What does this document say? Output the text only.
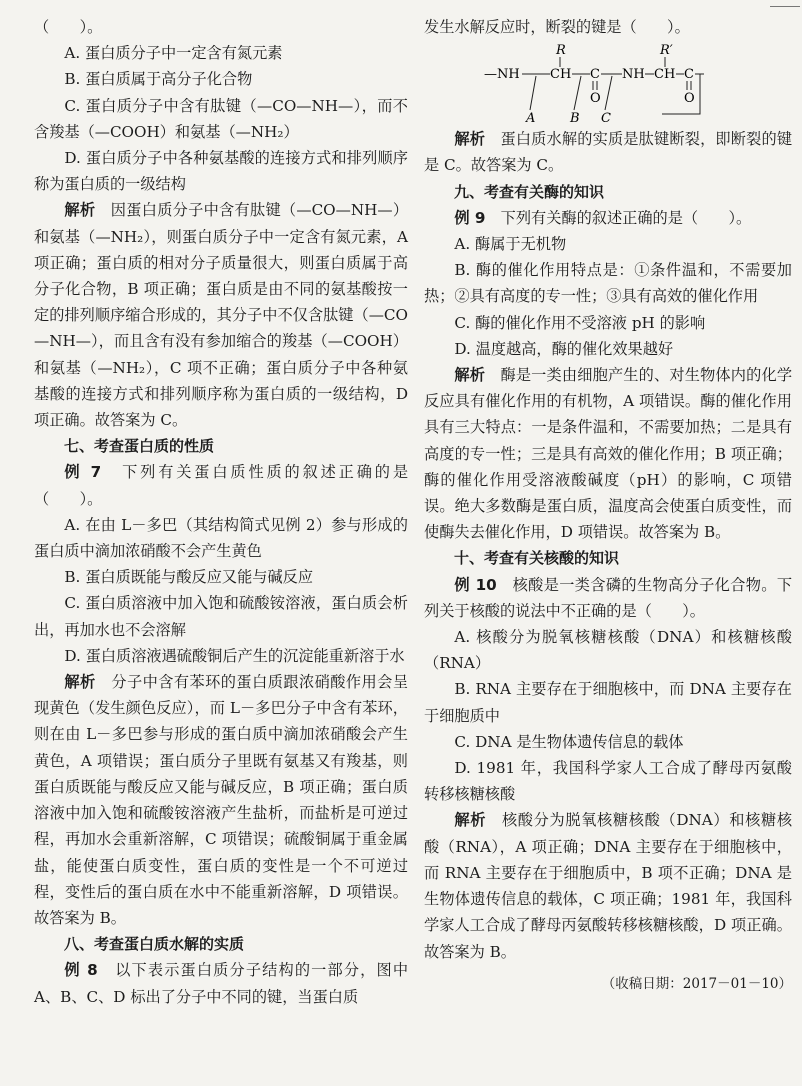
（　　）。

A. 蛋白质分子中一定含有氮元素

B. 蛋白质属于高分子化合物

C. 蛋白质分子中含有肽键（—CO—NH—），而不含羧基（—COOH）和氨基（—NH₂）

D. 蛋白质分子中各种氨基酸的连接方式和排列顺序称为蛋白质的一级结构

解析　 因蛋白质分子中含有肽键（—CO—NH—）和氨基（—NH₂），则蛋白质分子中一定含有氮元素，A 项正确；蛋白质的相对分子质量很大，则蛋白质属于高分子化合物，B 项正确；蛋白质是由不同的氨基酸按一定的排列顺序缩合形成的，其分子中不仅含肽键（—CO—NH—），而且含有没有参加缩合的羧基（—COOH）和氨基（—NH₂），C 项不正确；蛋白质分子中各种氨基酸的连接方式和排列顺序称为蛋白质的一级结构，D 项正确。故答案为 C。

七、考查蛋白质的性质

例 7　 下列有关蛋白质性质的叙述正确的是（　　）。

A. 在由 L－多巴（其结构简式见例 2）参与形成的蛋白质中滴加浓硝酸不会产生黄色

B. 蛋白质既能与酸反应又能与碱反应

C. 蛋白质溶液中加入饱和硫酸铵溶液，蛋白质会析出，再加水也不会溶解

D. 蛋白质溶液遇硫酸铜后产生的沉淀能重新溶于水

解析　 分子中含有苯环的蛋白质跟浓硝酸作用会呈现黄色（发生颜色反应），而 L－多巴分子中含有苯环，则在由 L－多巴参与形成的蛋白质中滴加浓硝酸会产生黄色，A 项错误；蛋白质分子里既有氨基又有羧基，则蛋白质既能与酸反应又能与碱反应，B 项正确；蛋白质溶液中加入饱和硫酸铵溶液产生盐析，而盐析是可逆过程，再加水会重新溶解，C 项错误；硫酸铜属于重金属盐，能使蛋白质变性，蛋白质的变性是一个不可逆过程，变性后的蛋白质在水中不能重新溶解，D 项错误。故答案为 B。

八、考查蛋白质水解的实质

例 8　 以下表示蛋白质分子结构的一部分，图中 A、B、C、D 标出了分子中不同的键，当蛋白质

发生水解反应时，断裂的键是（　　）。

R	R′
—NH CH C NH CH C
O	O
A	B C

解析　 蛋白质水解的实质是肽键断裂，即断裂的键是 C。故答案为 C。

九、考查有关酶的知识

例 9　 下列有关酶的叙述正确的是（　　）。

A. 酶属于无机物

B. 酶的催化作用特点是：①条件温和，不需要加热；②具有高度的专一性；③具有高效的催化作用

C. 酶的催化作用不受溶液 pH 的影响

D. 温度越高，酶的催化效果越好

解析　 酶是一类由细胞产生的、对生物体内的化学反应具有催化作用的有机物，A 项错误。酶的催化作用具有三大特点：一是条件温和，不需要加热；二是具有高度的专一性；三是具有高效的催化作用；B 项正确；酶的催化作用受溶液酸碱度（pH）的影响，C 项错误。绝大多数酶是蛋白质，温度高会使蛋白质变性，而使酶失去催化作用，D 项错误。故答案为 B。

十、考查有关核酸的知识

例 10　 核酸是一类含磷的生物高分子化合物。下列关于核酸的说法中不正确的是（　　）。

A. 核酸分为脱氧核糖核酸（DNA）和核糖核酸（RNA）

B. RNA 主要存在于细胞核中，而 DNA 主要存在于细胞质中

C. DNA 是生物体遗传信息的载体

D. 1981 年，我国科学家人工合成了酵母丙氨酸转移核糖核酸

解析　 核酸分为脱氧核糖核酸（DNA）和核糖核酸（RNA），A 项正确；DNA 主要存在于细胞核中，而 RNA 主要存在于细胞质中，B 项不正确；DNA 是生物体遗传信息的载体，C 项正确；1981 年，我国科学家人工合成了酵母丙氨酸转移核糖核酸，D 项正确。故答案为 B。

（收稿日期：2017－01－10）
